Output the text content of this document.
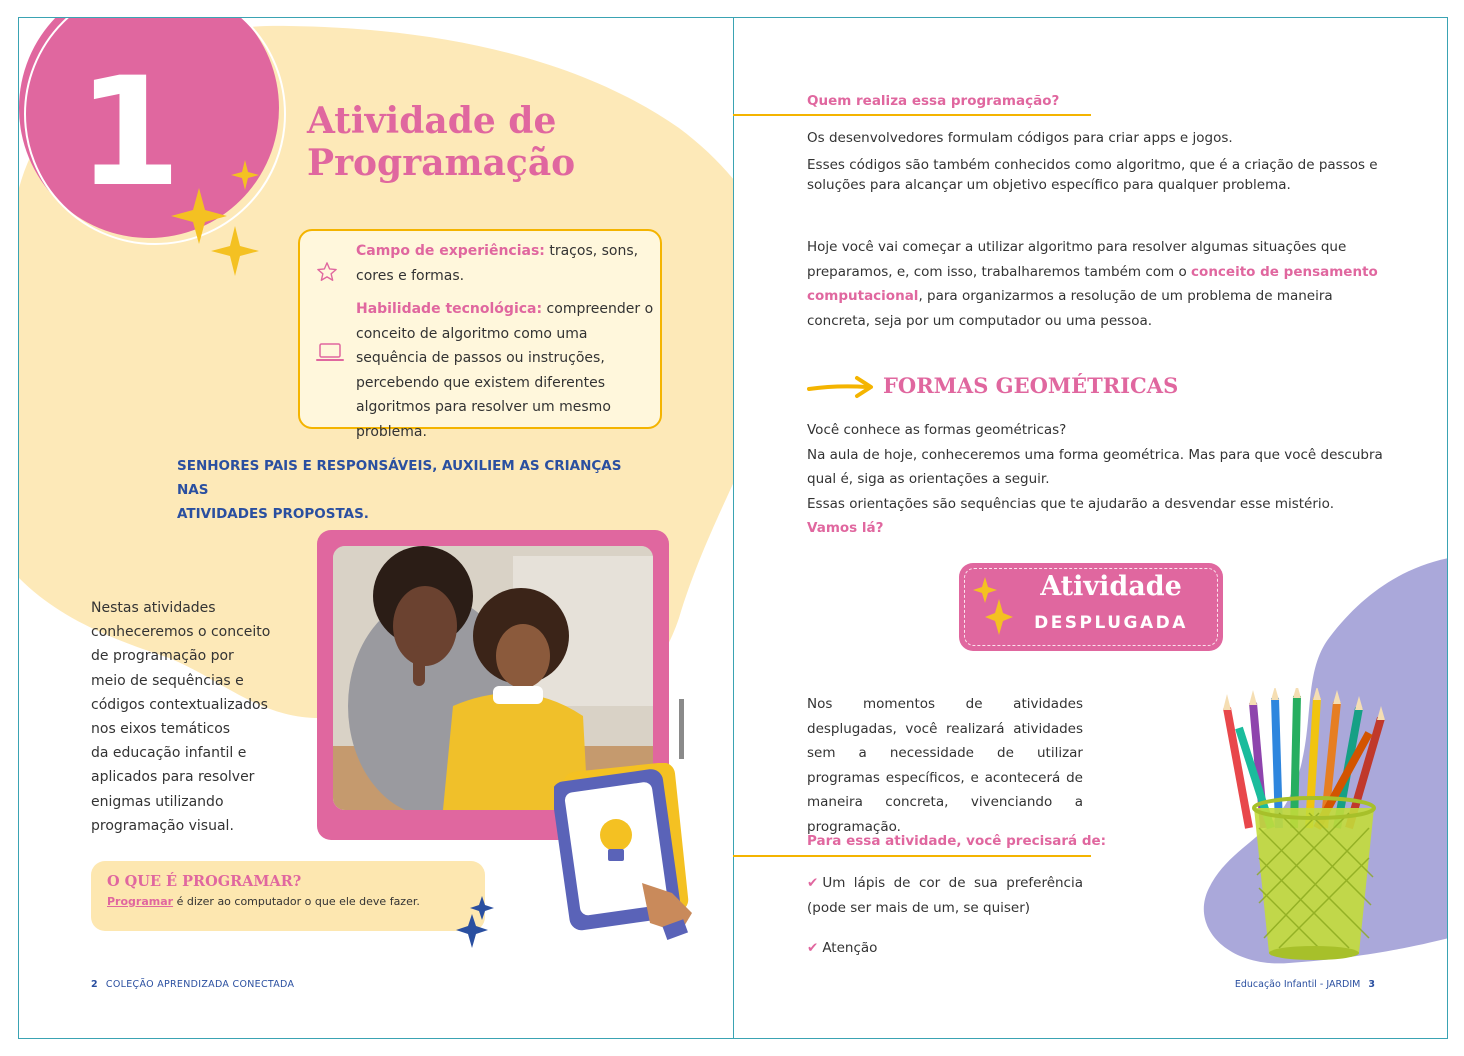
1	Atividade de
Programação
Campo de experiências: traços, sons, cores e formas.
Habilidade tecnológica: compreender o conceito de algoritmo como uma sequência de passos ou instruções, percebendo que existem diferentes algoritmos para resolver um mesmo problema.
SENHORES PAIS E RESPONSÁVEIS, AUXILIEM AS CRIANÇAS NAS
ATIVIDADES PROPOSTAS.
Nestas atividades
conheceremos o conceito
de programação por
meio de sequências e
códigos contextualizados
nos eixos temáticos
da educação infantil e
aplicados para resolver
enigmas utilizando
programação visual.
O QUE É PROGRAMAR?
Programar é dizer ao computador o que ele deve fazer.
2 COLEÇÃO APRENDIZADA CONECTADA
Quem realiza essa programação?
Os desenvolvedores formulam códigos para criar apps e jogos.
Esses códigos são também conhecidos como algoritmo, que é a criação de passos e
soluções para alcançar um objetivo específico para qualquer problema.
Hoje você vai começar a utilizar algoritmo para resolver algumas situações que
preparamos, e, com isso, trabalharemos também com o conceito de pensamento
computacional, para organizarmos a resolução de um problema de maneira
concreta, seja por um computador ou uma pessoa.
FORMAS GEOMÉTRICAS
Você conhece as formas geométricas?
Na aula de hoje, conheceremos uma forma geométrica. Mas para que você descubra
qual é, siga as orientações a seguir.
Essas orientações são sequências que te ajudarão a desvendar esse mistério.
Vamos lá?
Atividade
DESPLUGADA
Nos momentos de atividades desplugadas, você realizará atividades sem a necessidade de utilizar programas específicos, e acontecerá de maneira concreta, vivenciando a programação.
Para essa atividade, você precisará de:
✔ Um lápis de cor de sua preferência (pode ser mais de um, se quiser)
✔ Atenção
Educação Infantil - JARDIM 3
